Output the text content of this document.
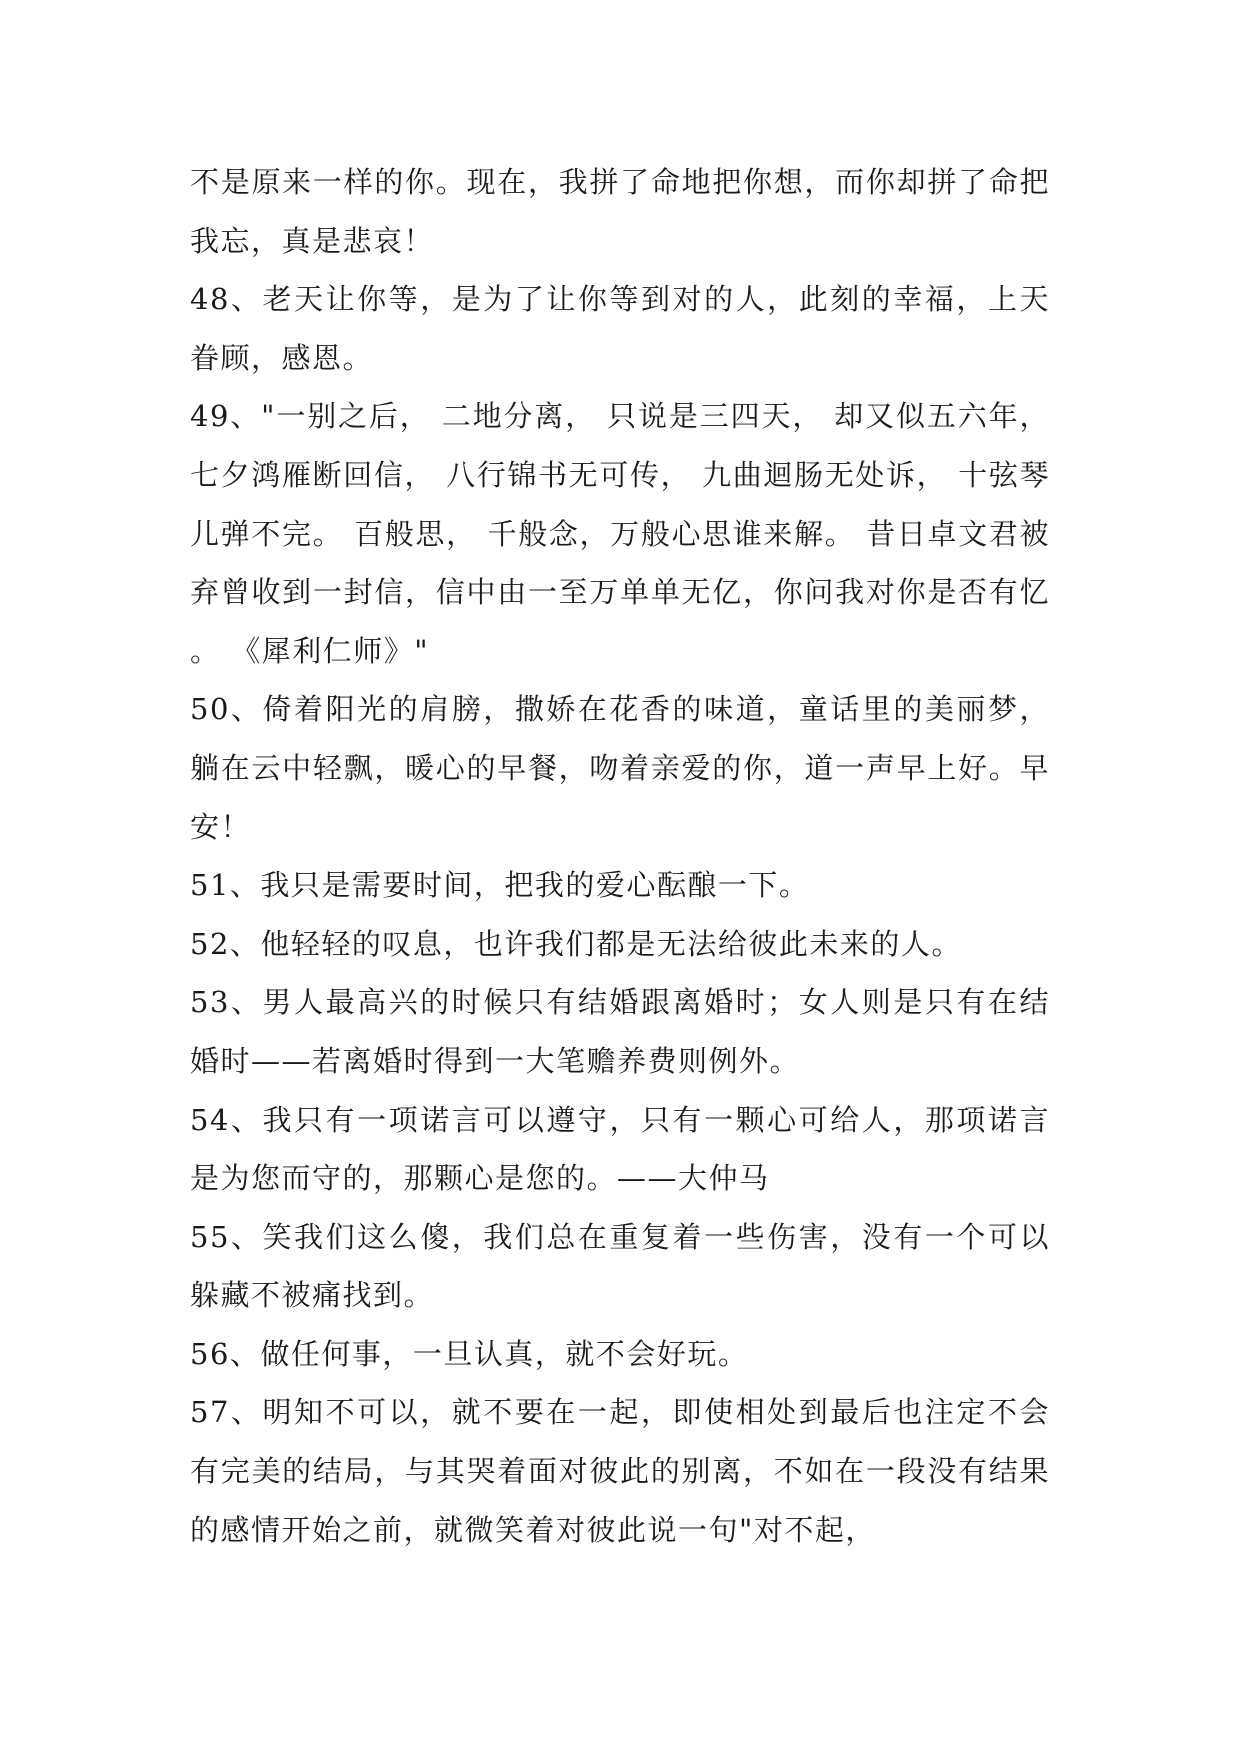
不是原来一样的你。现在，我拼了命地把你想，而你却拼了命把我忘，真是悲哀！

48、老天让你等，是为了让你等到对的人，此刻的幸福，上天眷顾，感恩。

49、"一别之后， 二地分离， 只说是三四天， 却又似五六年， 七夕鸿雁断回信， 八行锦书无可传， 九曲迴肠无处诉， 十弦琴儿弹不完。 百般思， 千般念，万般心思谁来解。 昔日卓文君被弃曾收到一封信，信中由一至万单单无亿，你问我对你是否有忆。 《犀利仁师》"

50、倚着阳光的肩膀，撒娇在花香的味道，童话里的美丽梦，躺在云中轻飘，暖心的早餐，吻着亲爱的你，道一声早上好。早安！

51、我只是需要时间，把我的爱心酝酿一下。

52、他轻轻的叹息，也许我们都是无法给彼此未来的人。

53、男人最高兴的时候只有结婚跟离婚时；女人则是只有在结婚时——若离婚时得到一大笔赡养费则例外。

54、我只有一项诺言可以遵守，只有一颗心可给人，那项诺言是为您而守的，那颗心是您的。——大仲马

55、笑我们这么傻，我们总在重复着一些伤害，没有一个可以躲藏不被痛找到。

56、做任何事，一旦认真，就不会好玩。

57、明知不可以，就不要在一起，即使相处到最后也注定不会有完美的结局，与其哭着面对彼此的别离，不如在一段没有结果的感情开始之前，就微笑着对彼此说一句"对不起，
